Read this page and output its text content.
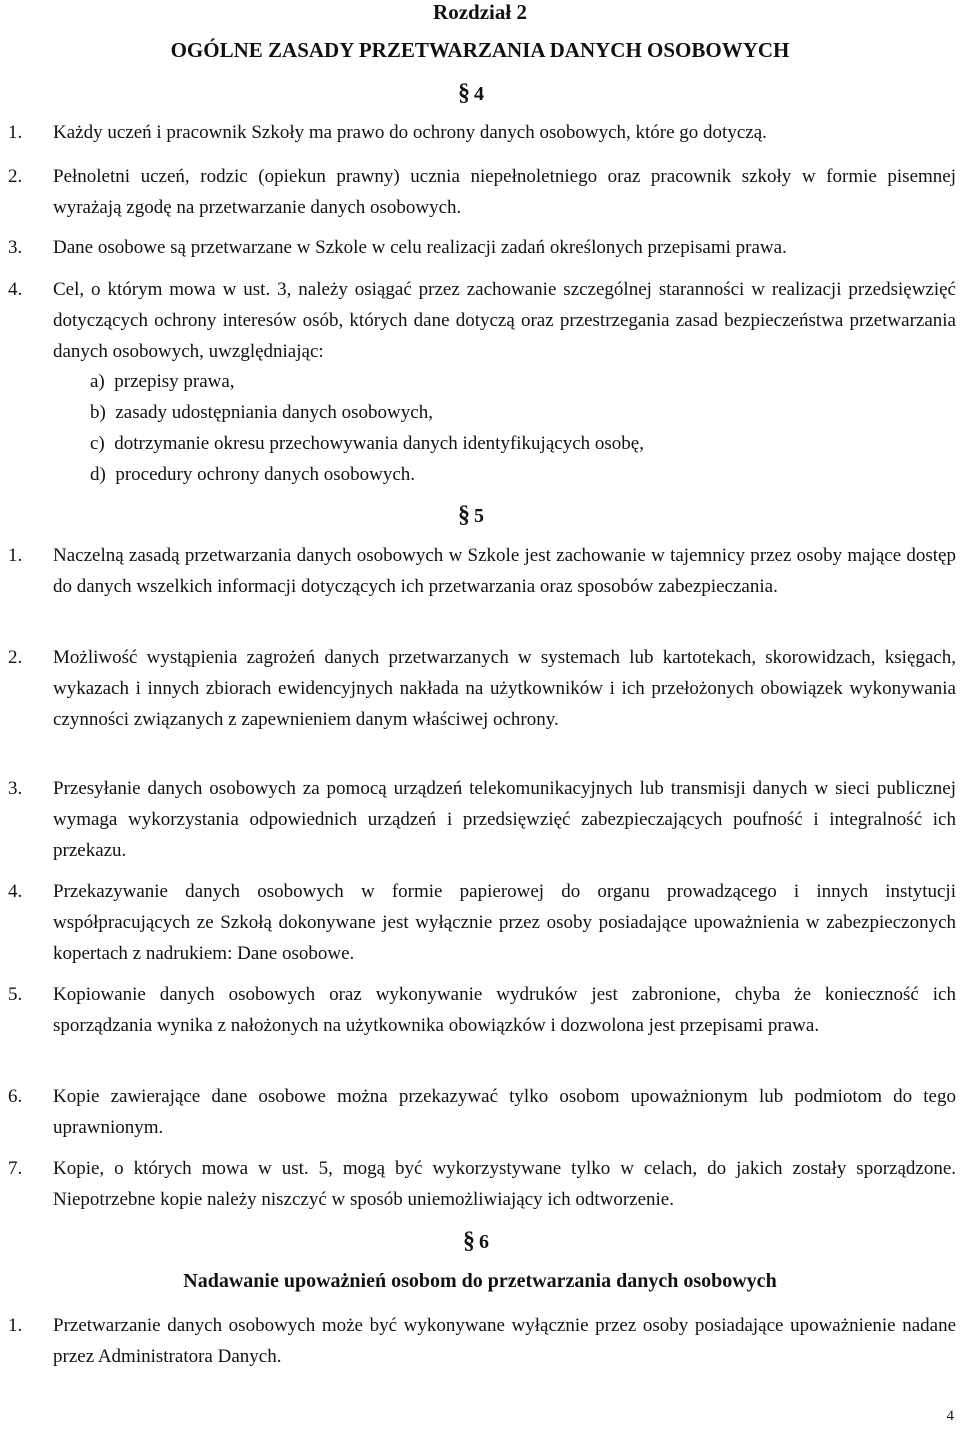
Rozdział 2
OGÓLNE ZASADY PRZETWARZANIA DANYCH OSOBOWYCH
§ 4
1. Każdy uczeń i pracownik Szkoły ma prawo do ochrony danych osobowych, które go dotyczą.
2. Pełnoletni uczeń, rodzic (opiekun prawny) ucznia niepełnoletniego oraz pracownik szkoły w formie pisemnej wyrażają zgodę na przetwarzanie danych osobowych.
3. Dane osobowe są przetwarzane w Szkole w celu realizacji zadań określonych przepisami prawa.
4. Cel, o którym mowa w ust. 3, należy osiągać przez zachowanie szczególnej staranności w realizacji przedsięwzięć dotyczących ochrony interesów osób, których dane dotyczą oraz przestrzegania zasad bezpieczeństwa przetwarzania danych osobowych, uwzględniając:
a) przepisy prawa,
b) zasady udostępniania danych osobowych,
c) dotrzymanie okresu przechowywania danych identyfikujących osobę,
d) procedury ochrony danych osobowych.
§ 5
1. Naczelną zasadą przetwarzania danych osobowych w Szkole jest zachowanie w tajemnicy przez osoby mające dostęp do danych wszelkich informacji dotyczących ich przetwarzania oraz sposobów zabezpieczania.
2. Możliwość wystąpienia zagrożeń danych przetwarzanych w systemach lub kartotekach, skorowidzach, księgach, wykazach i innych zbiorach ewidencyjnych nakłada na użytkowników i ich przełożonych obowiązek wykonywania czynności związanych z zapewnieniem danym właściwej ochrony.
3. Przesyłanie danych osobowych za pomocą urządzeń telekomunikacyjnych lub transmisji danych w sieci publicznej wymaga wykorzystania odpowiednich urządzeń i przedsięwzięć zabezpieczających poufność i integralność ich przekazu.
4. Przekazywanie danych osobowych w formie papierowej do organu prowadzącego i innych instytucji współpracujących ze Szkołą dokonywane jest wyłącznie przez osoby posiadające upoważnienia w zabezpieczonych kopertach z nadrukiem: Dane osobowe.
5. Kopiowanie danych osobowych oraz wykonywanie wydruków jest zabronione, chyba że konieczność ich sporządzania wynika z nałożonych na użytkownika obowiązków i dozwolona jest przepisami prawa.
6. Kopie zawierające dane osobowe można przekazywać tylko osobom upoważnionym lub podmiotom do tego uprawnionym.
7. Kopie, o których mowa w ust. 5, mogą być wykorzystywane tylko w celach, do jakich zostały sporządzone. Niepotrzebne kopie należy niszczyć w sposób uniemożliwiający ich odtworzenie.
§ 6
Nadawanie upoważnień osobom do przetwarzania danych osobowych
1. Przetwarzanie danych osobowych może być wykonywane wyłącznie przez osoby posiadające upoważnienie nadane przez Administratora Danych.
4
